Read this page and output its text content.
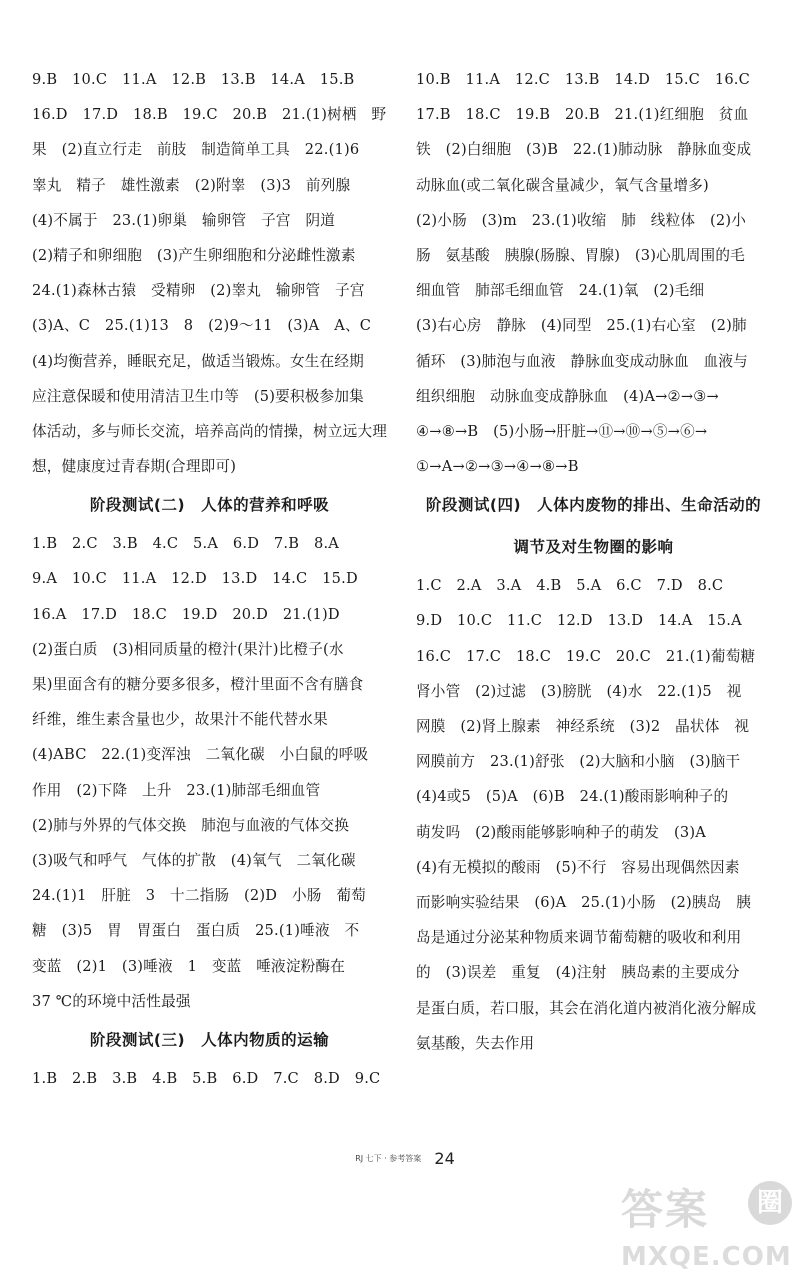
9.B　10.C　11.A　12.B　13.B　14.A　15.B
16.D　17.D　18.B　19.C　20.B　21.(1)树栖　野
果　(2)直立行走　前肢　制造简单工具　22.(1)6
睾丸　精子　雄性激素　(2)附睾　(3)3　前列腺
(4)不属于　23.(1)卵巢　输卵管　子宫　阴道
(2)精子和卵细胞　(3)产生卵细胞和分泌雌性激素
24.(1)森林古猿　受精卵　(2)睾丸　输卵管　子宫
(3)A、C　25.(1)13　8　(2)9～11　(3)A　A、C
(4)均衡营养，睡眠充足，做适当锻炼。女生在经期
应注意保暖和使用清洁卫生巾等　(5)要积极参加集
体活动，多与师长交流，培养高尚的情操，树立远大理
想，健康度过青春期(合理即可)
阶段测试(二)　人体的营养和呼吸
1.B　2.C　3.B　4.C　5.A　6.D　7.B　8.A
9.A　10.C　11.A　12.D　13.D　14.C　15.D
16.A　17.D　18.C　19.D　20.D　21.(1)D
(2)蛋白质　(3)相同质量的橙汁(果汁)比橙子(水
果)里面含有的糖分要多很多，橙汁里面不含有膳食
纤维，维生素含量也少，故果汁不能代替水果
(4)ABC　22.(1)变浑浊　二氧化碳　小白鼠的呼吸
作用　(2)下降　上升　23.(1)肺部毛细血管
(2)肺与外界的气体交换　肺泡与血液的气体交换
(3)吸气和呼气　气体的扩散　(4)氧气　二氧化碳
24.(1)1　肝脏　3　十二指肠　(2)D　小肠　葡萄
糖　(3)5　胃　胃蛋白　蛋白质　25.(1)唾液　不
变蓝　(2)1　(3)唾液　1　变蓝　唾液淀粉酶在
37 ℃的环境中活性最强
阶段测试(三)　人体内物质的运输
1.B　2.B　3.B　4.B　5.B　6.D　7.C　8.D　9.C
10.B　11.A　12.C　13.B　14.D　15.C　16.C
17.B　18.C　19.B　20.B　21.(1)红细胞　贫血
铁　(2)白细胞　(3)B　22.(1)肺动脉　静脉血变成
动脉血(或二氧化碳含量减少，氧气含量增多)
(2)小肠　(3)m　23.(1)收缩　肺　线粒体　(2)小
肠　氨基酸　胰腺(肠腺、胃腺)　(3)心肌周围的毛
细血管　肺部毛细血管　24.(1)氧　(2)毛细
(3)右心房　静脉　(4)同型　25.(1)右心室　(2)肺
循环　(3)肺泡与血液　静脉血变成动脉血　血液与
组织细胞　动脉血变成静脉血　(4)A→②→③→
④→⑧→B　(5)小肠→肝脏→⑪→⑩→⑤→⑥→
①→A→②→③→④→⑧→B
阶段测试(四)　人体内废物的排出、生命活动的
调节及对生物圈的影响
1.C　2.A　3.A　4.B　5.A　6.C　7.D　8.C
9.D　10.C　11.C　12.D　13.D　14.A　15.A
16.C　17.C　18.C　19.C　20.C　21.(1)葡萄糖
肾小管　(2)过滤　(3)膀胱　(4)水　22.(1)5　视
网膜　(2)肾上腺素　神经系统　(3)2　晶状体　视
网膜前方　23.(1)舒张　(2)大脑和小脑　(3)脑干
(4)4或5　(5)A　(6)B　24.(1)酸雨影响种子的
萌发吗　(2)酸雨能够影响种子的萌发　(3)A
(4)有无模拟的酸雨　(5)不行　容易出现偶然因素
而影响实验结果　(6)A　25.(1)小肠　(2)胰岛　胰
岛是通过分泌某种物质来调节葡萄糖的吸收和利用
的　(3)误差　重复　(4)注射　胰岛素的主要成分
是蛋白质，若口服，其会在消化道内被消化液分解成
氨基酸，失去作用
RJ 七下 · 参考答案 24
答案	圈
MXQE.COM
